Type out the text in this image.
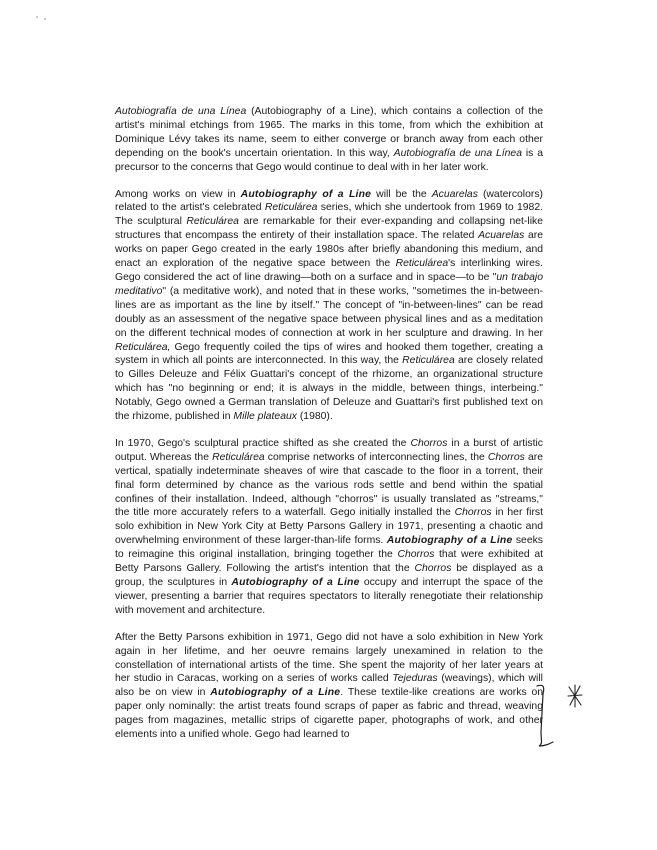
Autobiografía de una Línea (Autobiography of a Line), which contains a collection of the artist's minimal etchings from 1965. The marks in this tome, from which the exhibition at Dominique Lévy takes its name, seem to either converge or branch away from each other depending on the book's uncertain orientation. In this way, Autobiografía de una Línea is a precursor to the concerns that Gego would continue to deal with in her later work.

Among works on view in Autobiography of a Line will be the Acuarelas (watercolors) related to the artist's celebrated Reticulárea series, which she undertook from 1969 to 1982. The sculptural Reticulárea are remarkable for their ever-expanding and collapsing net-like structures that encompass the entirety of their installation space. The related Acuarelas are works on paper Gego created in the early 1980s after briefly abandoning this medium, and enact an exploration of the negative space between the Reticulárea's interlinking wires. Gego considered the act of line drawing—both on a surface and in space—to be "un trabajo meditativo" (a meditative work), and noted that in these works, "sometimes the in-between-lines are as important as the line by itself." The concept of "in-between-lines" can be read doubly as an assessment of the negative space between physical lines and as a meditation on the different technical modes of connection at work in her sculpture and drawing. In her Reticulárea, Gego frequently coiled the tips of wires and hooked them together, creating a system in which all points are interconnected. In this way, the Reticulárea are closely related to Gilles Deleuze and Félix Guattari's concept of the rhizome, an organizational structure which has "no beginning or end; it is always in the middle, between things, interbeing." Notably, Gego owned a German translation of Deleuze and Guattari's first published text on the rhizome, published in Mille plateaux (1980).

In 1970, Gego's sculptural practice shifted as she created the Chorros in a burst of artistic output. Whereas the Reticulárea comprise networks of interconnecting lines, the Chorros are vertical, spatially indeterminate sheaves of wire that cascade to the floor in a torrent, their final form determined by chance as the various rods settle and bend within the spatial confines of their installation. Indeed, although "chorros" is usually translated as "streams," the title more accurately refers to a waterfall. Gego initially installed the Chorros in her first solo exhibition in New York City at Betty Parsons Gallery in 1971, presenting a chaotic and overwhelming environment of these larger-than-life forms. Autobiography of a Line seeks to reimagine this original installation, bringing together the Chorros that were exhibited at Betty Parsons Gallery. Following the artist's intention that the Chorros be displayed as a group, the sculptures in Autobiography of a Line occupy and interrupt the space of the viewer, presenting a barrier that requires spectators to literally renegotiate their relationship with movement and architecture.

After the Betty Parsons exhibition in 1971, Gego did not have a solo exhibition in New York again in her lifetime, and her oeuvre remains largely unexamined in relation to the constellation of international artists of the time. She spent the majority of her later years at her studio in Caracas, working on a series of works called Tejeduras (weavings), which will also be on view in Autobiography of a Line. These textile-like creations are works on paper only nominally: the artist treats found scraps of paper as fabric and thread, weaving pages from magazines, metallic strips of cigarette paper, photographs of work, and other elements into a unified whole. Gego had learned to
